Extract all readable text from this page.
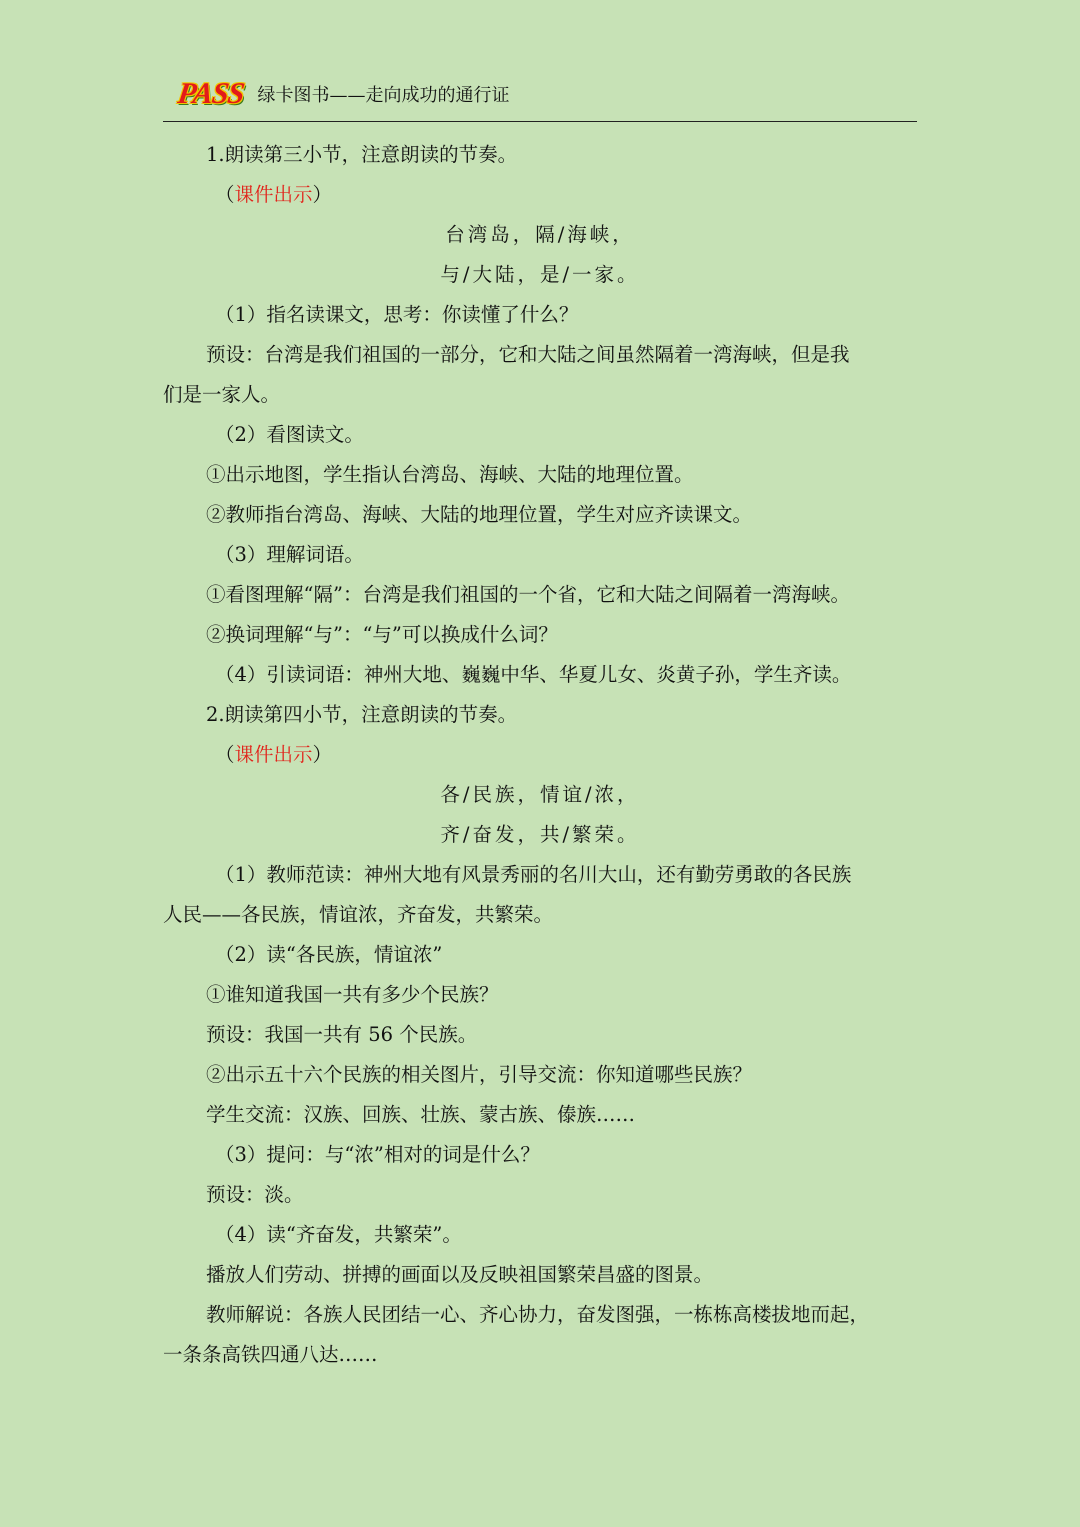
PASS 绿卡图书——走向成功的通行证
1.朗读第三小节，注意朗读的节奏。
（课件出示）
台湾岛，隔/海峡，
与/大陆，是/一家。
（1）指名读课文，思考：你读懂了什么？
预设：台湾是我们祖国的一部分，它和大陆之间虽然隔着一湾海峡，但是我
们是一家人。
（2）看图读文。
①出示地图，学生指认台湾岛、海峡、大陆的地理位置。
②教师指台湾岛、海峡、大陆的地理位置，学生对应齐读课文。
（3）理解词语。
①看图理解“隔”：台湾是我们祖国的一个省，它和大陆之间隔着一湾海峡。
②换词理解“与”：“与”可以换成什么词？
（4）引读词语：神州大地、巍巍中华、华夏儿女、炎黄子孙，学生齐读。
2.朗读第四小节，注意朗读的节奏。
（课件出示）
各/民族，情谊/浓，
齐/奋发，共/繁荣。
（1）教师范读：神州大地有风景秀丽的名川大山，还有勤劳勇敢的各民族
人民——各民族，情谊浓，齐奋发，共繁荣。
（2）读“各民族，情谊浓”
①谁知道我国一共有多少个民族？
预设：我国一共有 56 个民族。
②出示五十六个民族的相关图片，引导交流：你知道哪些民族？
学生交流：汉族、回族、壮族、蒙古族、傣族……
（3）提问：与“浓”相对的词是什么？
预设：淡。
（4）读“齐奋发，共繁荣”。
播放人们劳动、拼搏的画面以及反映祖国繁荣昌盛的图景。
教师解说：各族人民团结一心、齐心协力，奋发图强，一栋栋高楼拔地而起，
一条条高铁四通八达……
